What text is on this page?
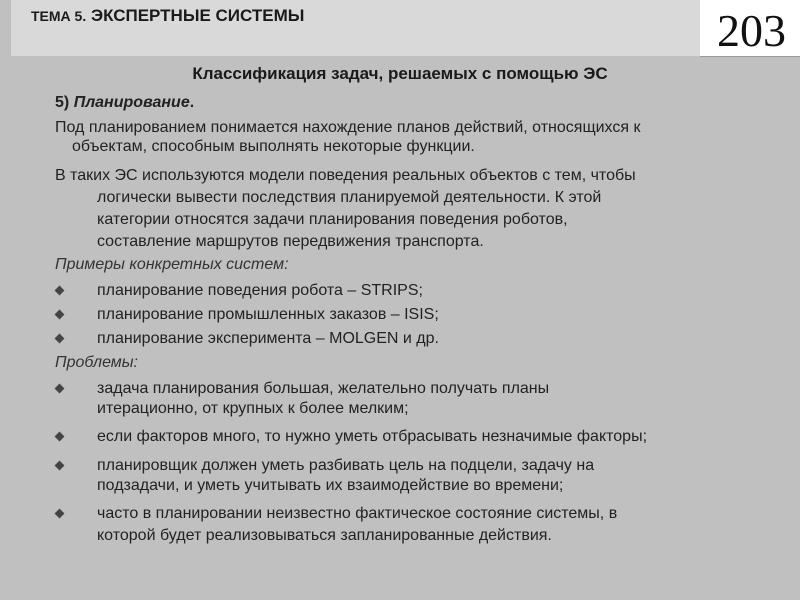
ТЕМА 5. ЭКСПЕРТНЫЕ СИСТЕМЫ	203
Классификация задач, решаемых с помощью ЭС
5) Планирование.
Под планированием понимается нахождение планов действий, относящихся к
объектам, способным выполнять некоторые функции.
В таких ЭС используются модели поведения реальных объектов с тем, чтобы
логически вывести последствия планируемой деятельности. К этой
категории относятся задачи планирования поведения роботов,
составление маршрутов передвижения транспорта.
Примеры конкретных систем:
планирование поведения робота – STRIPS;
планирование промышленных заказов – ISIS;
планирование эксперимента – MOLGEN и др.
Проблемы:
задача планирования большая, желательно получать планы
итерационно, от крупных к более мелким;
если факторов много, то нужно уметь отбрасывать незначимые факторы;
планировщик должен уметь разбивать цель на подцели, задачу на
подзадачи, и уметь учитывать их взаимодействие во времени;
часто в планировании неизвестно фактическое состояние системы, в
которой будет реализовываться запланированные действия.
